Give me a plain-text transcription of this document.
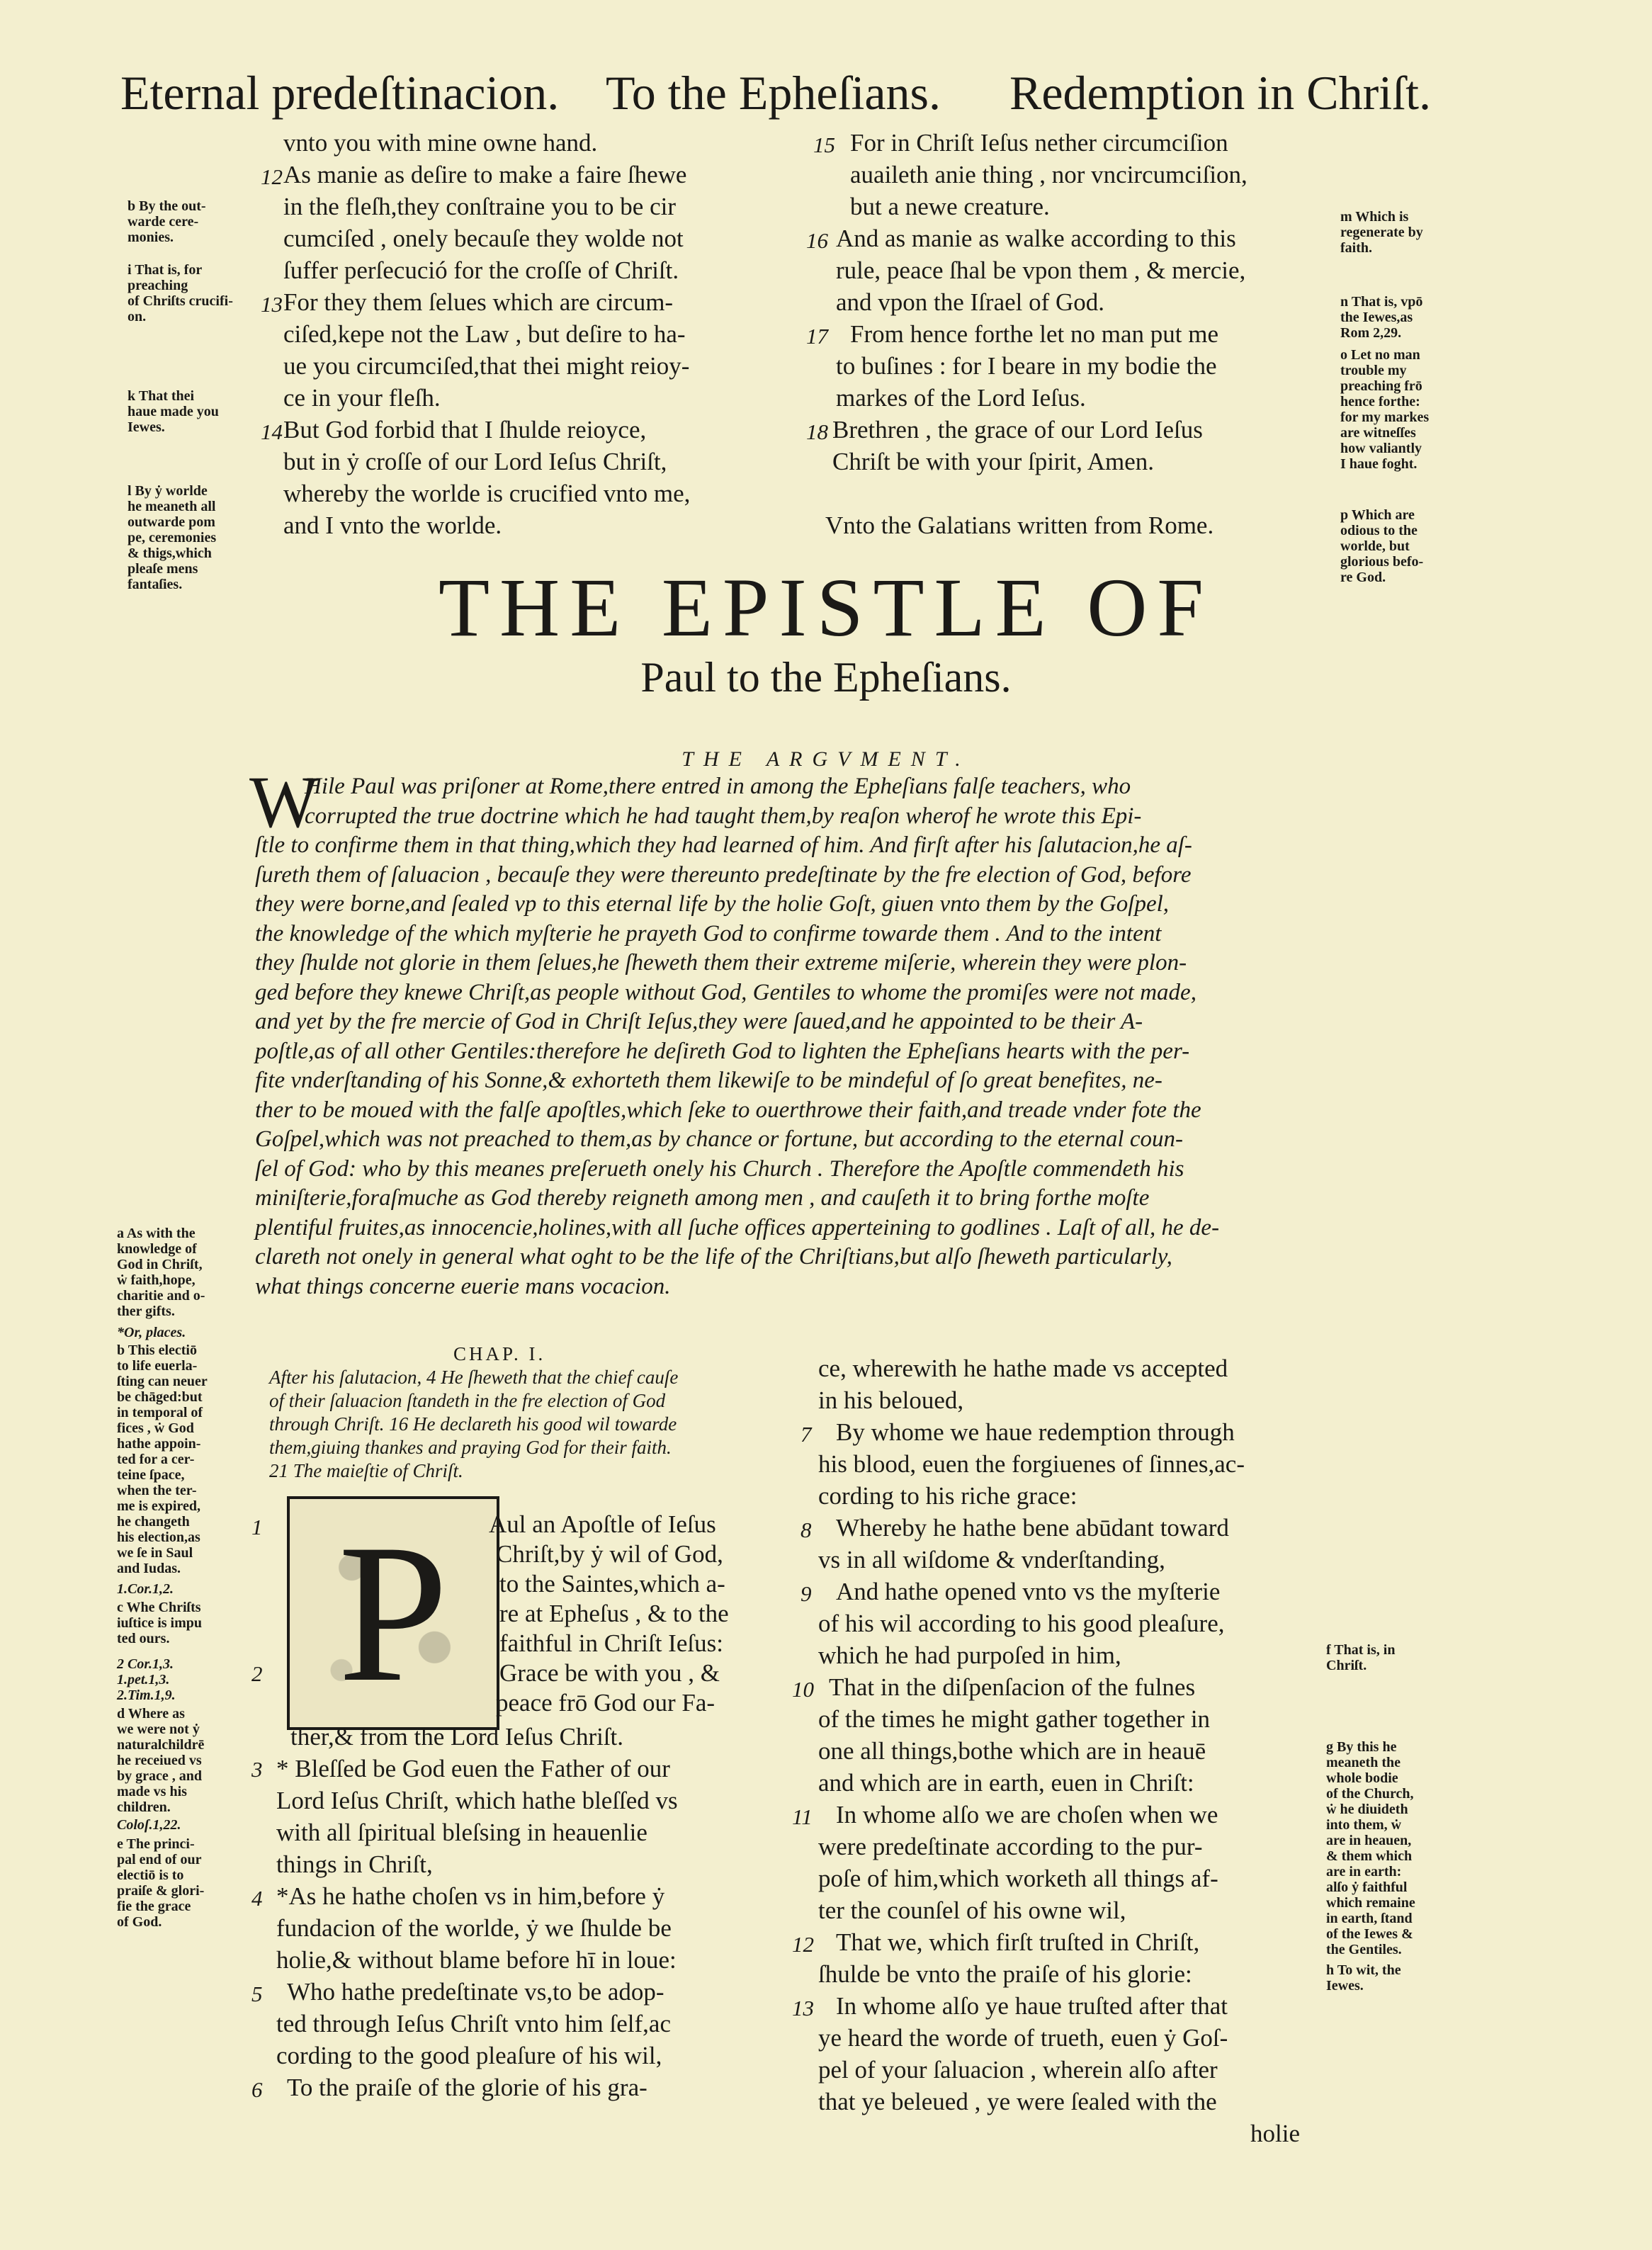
Eternal predeſtinacion. To the Epheſians. Redemption in Chriſt.
vnto you with mine owne hand.
As manie as deſire to make a faire ſhewe
in the fleſh,they conſtraine you to be cir
cumciſed , onely becauſe they wolde not
ſuffer perſecució for the croſſe of Chriſt.
For they them ſelues which are circum-
ciſed,kepe not the Law , but deſire to ha-
ue you circumciſed,that thei might reioy-
ce in your fleſh.
But God forbid that I ſhulde reioyce,
but in ẏ croſſe of our Lord Ieſus Chriſt,
whereby the worlde is crucified vnto me,
and I vnto the worlde.
12
13
14
For in Chriſt Ieſus nether circumciſion
auaileth anie thing , nor vncircumciſion,
but a newe creature.
And as manie as walke according to this
rule, peace ſhal be vpon them , & mercie,
and vpon the Iſrael of God.
From hence forthe let no man put me
to buſines : for I beare in my bodie the
markes of the Lord Ieſus.
Brethren , the grace of our Lord Ieſus
Chriſt be with your ſpirit, Amen.
Vnto the Galatians written from Rome.
15
16
17
18
b By the out-
warde cere-
monies.
i That is, for
preaching
of Chriſts crucifi-
on.
k That thei
haue made you
Iewes.
l By ẏ worlde
he meaneth all
outwarde pom
pe, ceremonies
& thigs,which
pleaſe mens
fantaſies.
m Which is
regenerate by
faith.
n That is, vpō
the Iewes,as
Rom 2,29.
o Let no man
trouble my
preaching frō
hence forthe:
for my markes
are witneſſes
how valiantly
I haue foght.
p Which are
odious to the
worlde, but
glorious befo-
re God.
THE EPISTLE OF
Paul to the Epheſians.
THE ARGVMENT.
W
Hile Paul was priſoner at Rome,there entred in among the Epheſians falſe teachers, who
corrupted the true doctrine which he had taught them,by reaſon wherof he wrote this Epi-
ſtle to confirme them in that thing,which they had learned of him. And firſt after his ſalutacion,he aſ-
ſureth them of ſaluacion , becauſe they were thereunto predeſtinate by the fre election of God, before
they were borne,and ſealed vp to this eternal life by the holie Goſt, giuen vnto them by the Goſpel,
the knowledge of the which myſterie he prayeth God to confirme towarde them . And to the intent
they ſhulde not glorie in them ſelues,he ſheweth them their extreme miſerie, wherein they were plon-
ged before they knewe Chriſt,as people without God, Gentiles to whome the promiſes were not made,
and yet by the fre mercie of God in Chriſt Ieſus,they were ſaued,and he appointed to be their A-
poſtle,as of all other Gentiles:therefore he deſireth God to lighten the Epheſians hearts with the per-
fite vnderſtanding of his Sonne,& exhorteth them likewiſe to be mindeful of ſo great benefites, ne-
ther to be moued with the falſe apoſtles,which ſeke to ouerthrowe their faith,and treade vnder fote the
Goſpel,which was not preached to them,as by chance or fortune, but according to the eternal coun-
ſel of God: who by this meanes preſerueth onely his Church . Therefore the Apoſtle commendeth his
miniſterie,foraſmuche as God thereby reigneth among men , and cauſeth it to bring forthe moſte
plentiful fruites,as innocencie,holines,with all ſuche offices apperteining to godlines . Laſt of all, he de-
clareth not onely in general what oght to be the life of the Chriſtians,but alſo ſheweth particularly,
what things concerne euerie mans vocacion.
CHAP. I.
After his ſalutacion, 4 He ſheweth that the chief cauſe
of their ſaluacion ſtandeth in the fre election of God
through Chriſt. 16 He declareth his good wil towarde
them,giuing thankes and praying God for their faith.
21 The maieſtie of Chriſt.
P Aul an Apoſtle of Ieſus
Chriſt,by ẏ wil of God,
to the Saintes,which a-
re at Epheſus , & to the
faithful in Chriſt Ieſus:
Grace be with you , &
peace frō God our Fa-
ther,& from the Lord Ieſus Chriſt.
* Bleſſed be God euen the Father of our
Lord Ieſus Chriſt, which hathe bleſſed vs
with all ſpiritual bleſsing in heauenlie
things in Chriſt,
*As he hathe choſen vs in him,before ẏ
fundacion of the worlde, ẏ we ſhulde be
holie,& without blame before hī in loue:
Who hathe predeſtinate vs,to be adop-
ted through Ieſus Chriſt vnto him ſelf,ac
cording to the good pleaſure of his wil,
To the praiſe of the glorie of his gra-
1
2
3
4
5
6
ce, wherewith he hathe made vs accepted
in his beloued,
By whome we haue redemption through
his blood, euen the forgiuenes of ſinnes,ac-
cording to his riche grace:
Whereby he hathe bene abūdant toward
vs in all wiſdome & vnderſtanding,
And hathe opened vnto vs the myſterie
of his wil according to his good pleaſure,
which he had purpoſed in him,
That in the diſpenſacion of the fulnes
of the times he might gather together in
one all things,bothe which are in heauē
and which are in earth, euen in Chriſt:
In whome alſo we are choſen when we
were predeſtinate according to the pur-
poſe of him,which worketh all things af-
ter the counſel of his owne wil,
That we, which firſt truſted in Chriſt,
ſhulde be vnto the praiſe of his glorie:
In whome alſo ye haue truſted after that
ye heard the worde of trueth, euen ẏ Goſ-
pel of your ſaluacion , wherein alſo after
that ye beleued , ye were ſealed with the
holie
7
8
9
10
11
12
13
a As with the
knowledge of
God in Chriſt,
ẇ faith,hope,
charitie and o-
ther gifts.
*Or, places.
b This electiō
to life euerla-
ſting can neuer
be chāged:but
in temporal of
fices , ẇ God
hathe appoin-
ted for a cer-
teine ſpace,
when the ter-
me is expired,
he changeth
his election,as
we ſe in Saul
and Iudas.
1.Cor.1,2.
c Whe Chriſts
iuſtice is impu
ted ours.
2 Cor.1,3.
1.pet.1,3.
2.Tim.1,9.
d Where as
we were not ẏ
naturalchildrē
he receiued vs
by grace , and
made vs his
children.
Coloſ.1,22.
e The princi-
pal end of our
electiō is to
praiſe & glori-
fie the grace
of God.
f That is, in
Chriſt.
g By this he
meaneth the
whole bodie
of the Church,
ẇ he diuideth
into them, ẇ
are in heauen,
& them which
are in earth:
alſo ẏ faithful
which remaine
in earth, ſtand
of the Iewes &
the Gentiles.
h To wit, the
Iewes.
